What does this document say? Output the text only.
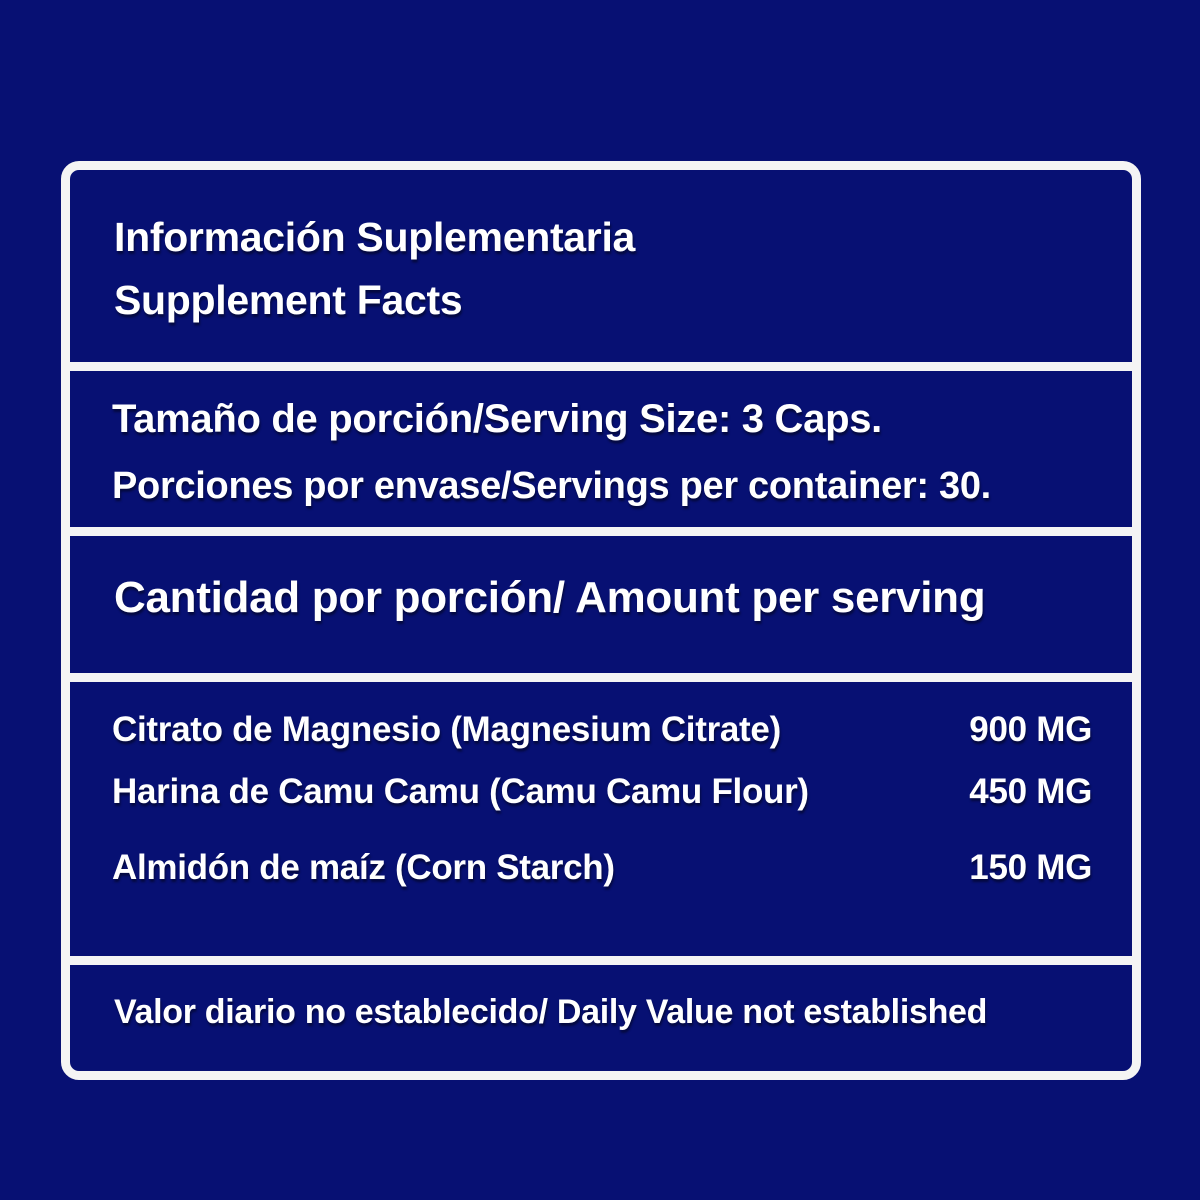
Información Suplementaria
Supplement Facts
Tamaño de porción/Serving Size: 3 Caps.
Porciones por envase/Servings per container: 30.
Cantidad por porción/ Amount per serving
Citrato de Magnesio (Magnesium Citrate)	900 MG
Harina de Camu Camu (Camu Camu Flour)	450 MG
Almidón de maíz (Corn Starch)	150 MG
Valor diario no establecido/ Daily Value not established
